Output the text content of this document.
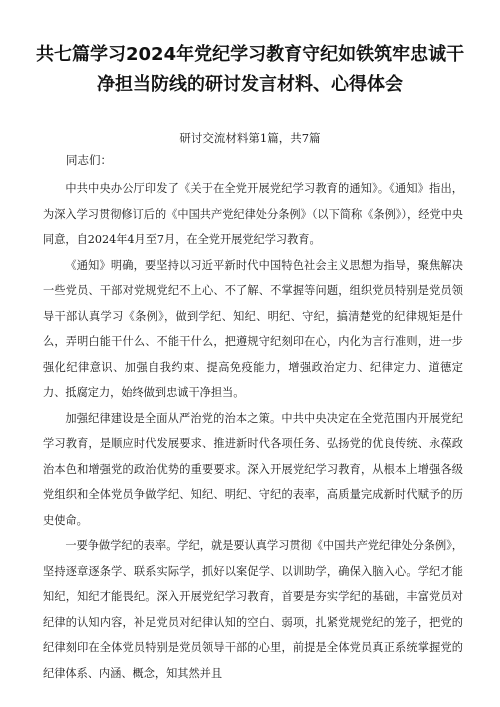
共七篇学习2024年党纪学习教育守纪如铁筑牢忠诚干
净担当防线的研讨发言材料、心得体会
研讨交流材料第1篇，共7篇
同志们：

中共中央办公厅印发了《关于在全党开展党纪学习教育的通知》。《通知》指出，为深入学习贯彻修订后的《中国共产党纪律处分条例》（以下简称《条例》），经党中央同意，自2024年4月至7月，在全党开展党纪学习教育。

《通知》明确，要坚持以习近平新时代中国特色社会主义思想为指导，聚焦解决一些党员、干部对党规党纪不上心、不了解、不掌握等问题，组织党员特别是党员领导干部认真学习《条例》，做到学纪、知纪、明纪、守纪，搞清楚党的纪律规矩是什么，弄明白能干什么、不能干什么，把遵规守纪刻印在心，内化为言行准则，进一步强化纪律意识、加强自我约束、提高免疫能力，增强政治定力、纪律定力、道德定力、抵腐定力，始终做到忠诚干净担当。

加强纪律建设是全面从严治党的治本之策。中共中央决定在全党范围内开展党纪学习教育，是顺应时代发展要求、推进新时代各项任务、弘扬党的优良传统、永葆政治本色和增强党的政治优势的重要要求。深入开展党纪学习教育，从根本上增强各级党组织和全体党员争做学纪、知纪、明纪、守纪的表率，高质量完成新时代赋予的历史使命。

一要争做学纪的表率。学纪，就是要认真学习贯彻《中国共产党纪律处分条例》，坚持逐章逐条学、联系实际学，抓好以案促学、以训助学，确保入脑入心。学纪才能知纪，知纪才能畏纪。深入开展党纪学习教育，首要是夯实学纪的基础，丰富党员对纪律的认知内容，补足党员对纪律认知的空白、弱项，扎紧党规党纪的笼子，把党的纪律刻印在全体党员特别是党员领导干部的心里，前提是全体党员真正系统掌握党的纪律体系、内涵、概念，知其然并且
